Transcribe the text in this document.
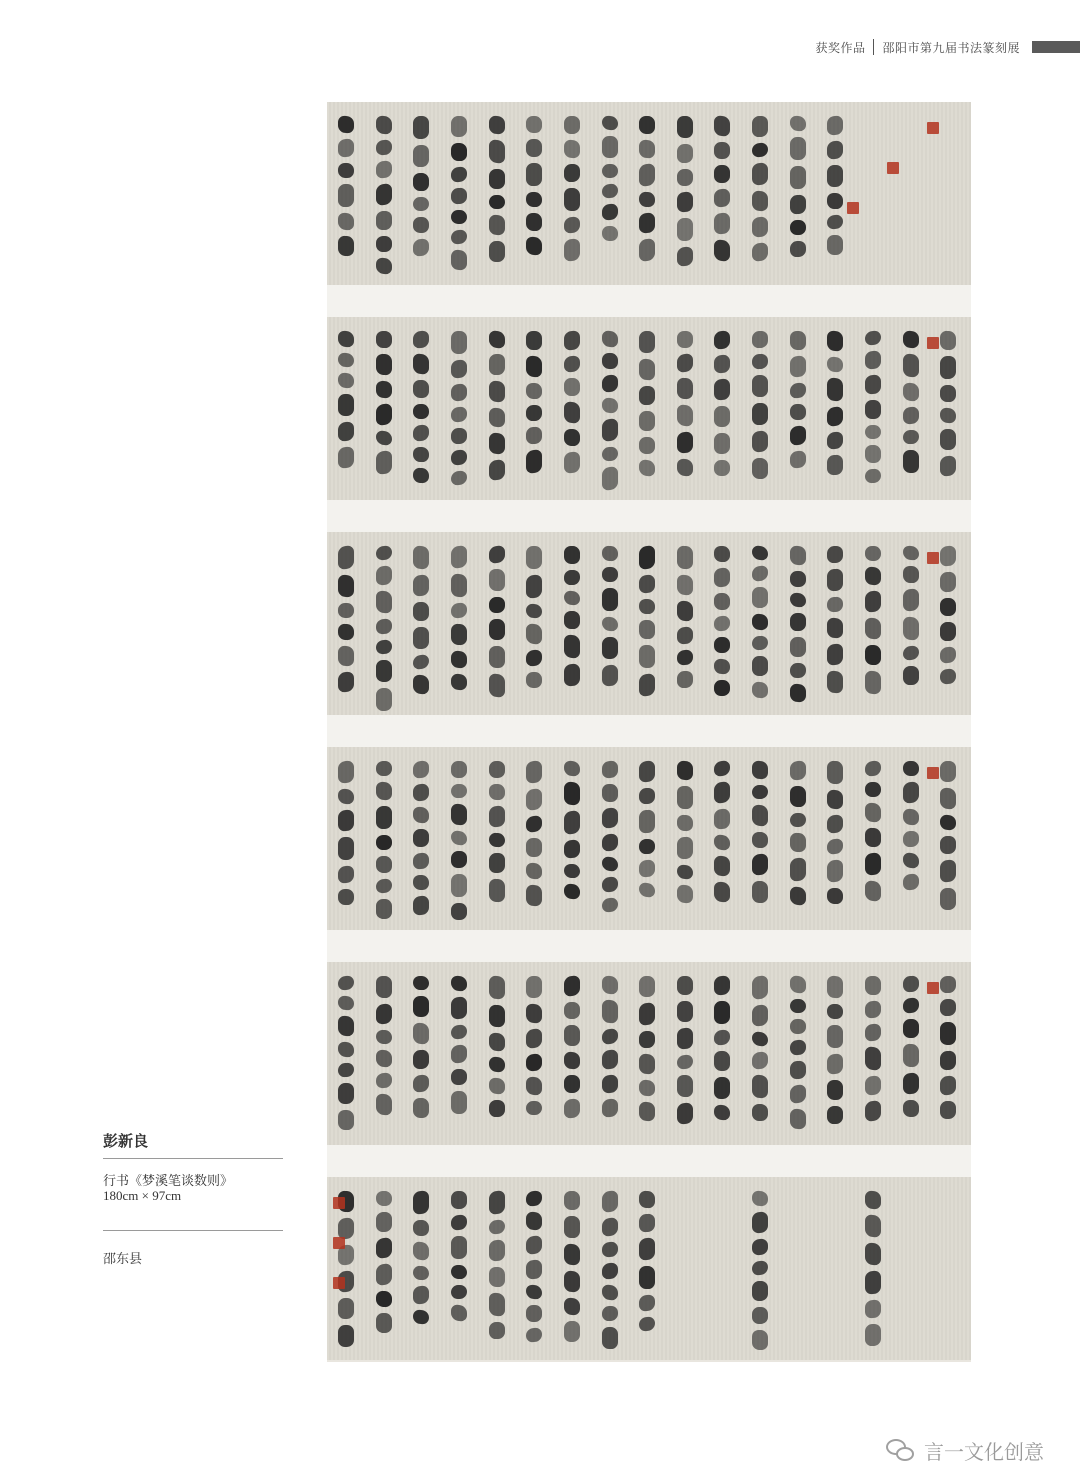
获奖作品 邵阳市第九届书法篆刻展
彭新良
行书《梦溪笔谈数则》
180cm × 97cm
邵东县
言一文化创意
